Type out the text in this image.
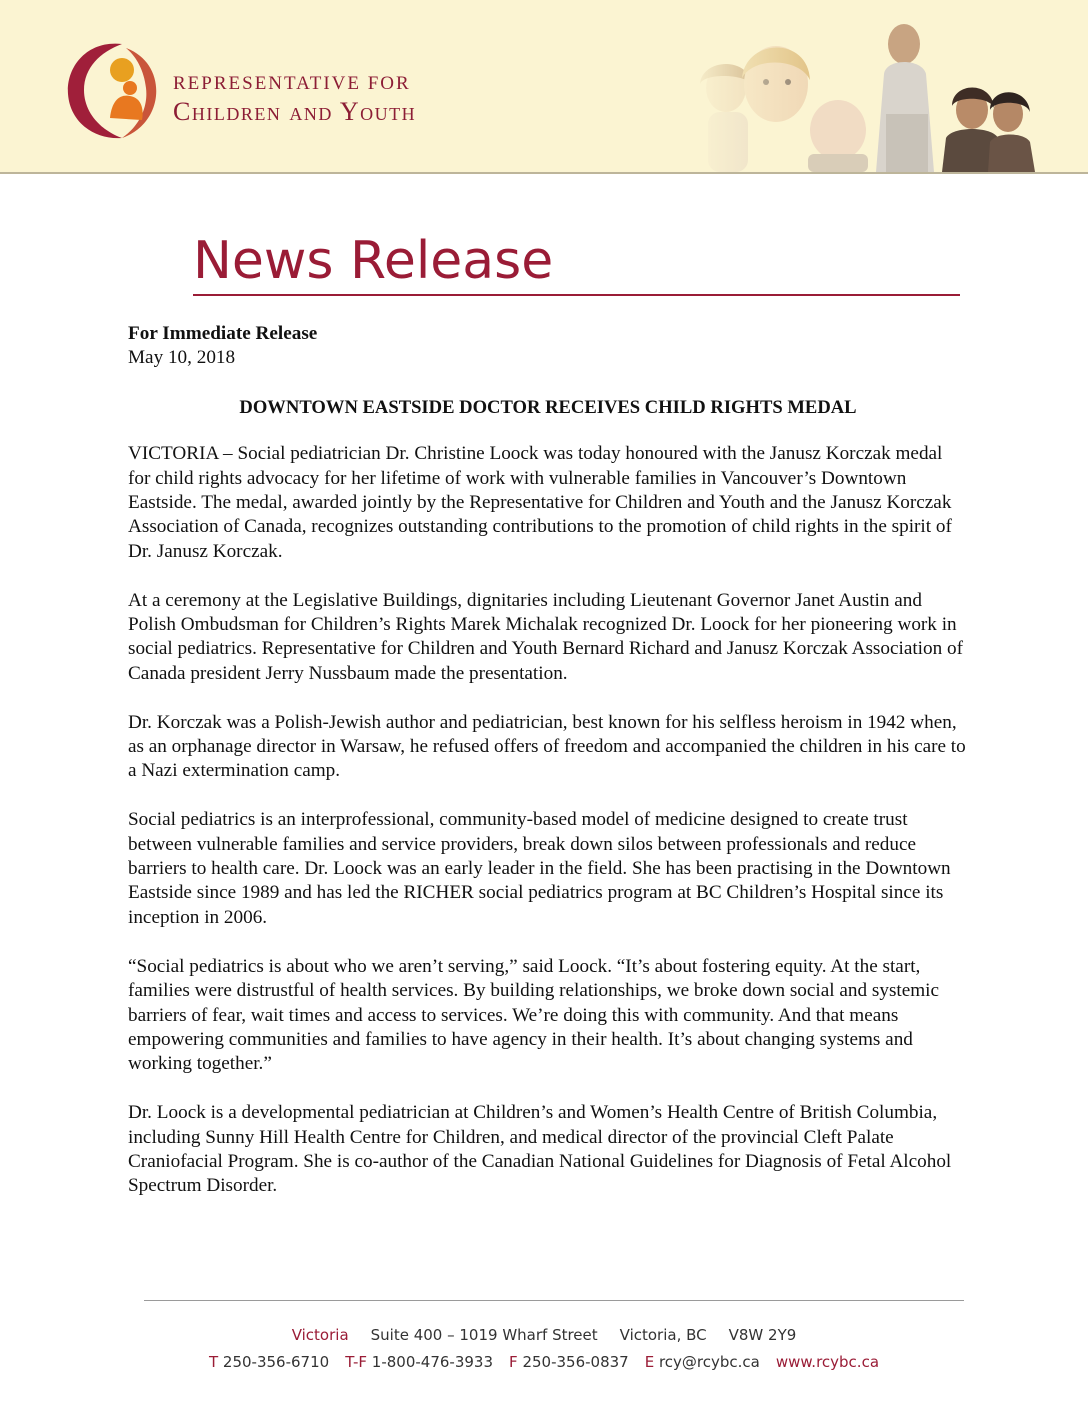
REPRESENTATIVE FOR
Children and Youth
News Release
For Immediate Release
May 10, 2018
DOWNTOWN EASTSIDE DOCTOR RECEIVES CHILD RIGHTS MEDAL

VICTORIA – Social pediatrician Dr. Christine Loock was today honoured with the Janusz Korczak medal for child rights advocacy for her lifetime of work with vulnerable families in Vancouver’s Downtown Eastside. The medal, awarded jointly by the Representative for Children and Youth and the Janusz Korczak Association of Canada, recognizes outstanding contributions to the promotion of child rights in the spirit of Dr. Janusz Korczak.

At a ceremony at the Legislative Buildings, dignitaries including Lieutenant Governor Janet Austin and Polish Ombudsman for Children’s Rights Marek Michalak recognized Dr. Loock for her pioneering work in social pediatrics. Representative for Children and Youth Bernard Richard and Janusz Korczak Association of Canada president Jerry Nussbaum made the presentation.

Dr. Korczak was a Polish-Jewish author and pediatrician, best known for his selfless heroism in 1942 when, as an orphanage director in Warsaw, he refused offers of freedom and accompanied the children in his care to a Nazi extermination camp.

Social pediatrics is an interprofessional, community-based model of medicine designed to create trust between vulnerable families and service providers, break down silos between professionals and reduce barriers to health care. Dr. Loock was an early leader in the field. She has been practising in the Downtown Eastside since 1989 and has led the RICHER social pediatrics program at BC Children’s Hospital since its inception in 2006.

“Social pediatrics is about who we aren’t serving,” said Loock. “It’s about fostering equity. At the start, families were distrustful of health services. By building relationships, we broke down social and systemic barriers of fear, wait times and access to services. We’re doing this with community. And that means empowering communities and families to have agency in their health. It’s about changing systems and working together.”

Dr. Loock is a developmental pediatrician at Children’s and Women’s Health Centre of British Columbia, including Sunny Hill Health Centre for Children, and medical director of the provincial Cleft Palate Craniofacial Program. She is co-author of the Canadian National Guidelines for Diagnosis of Fetal Alcohol Spectrum Disorder.

Victoria Suite 400 – 1019 Wharf Street Victoria, BC V8W 2Y9
T 250-356-6710 T-F 1-800-476-3933 F 250-356-0837 E rcy@rcybc.ca www.rcybc.ca
